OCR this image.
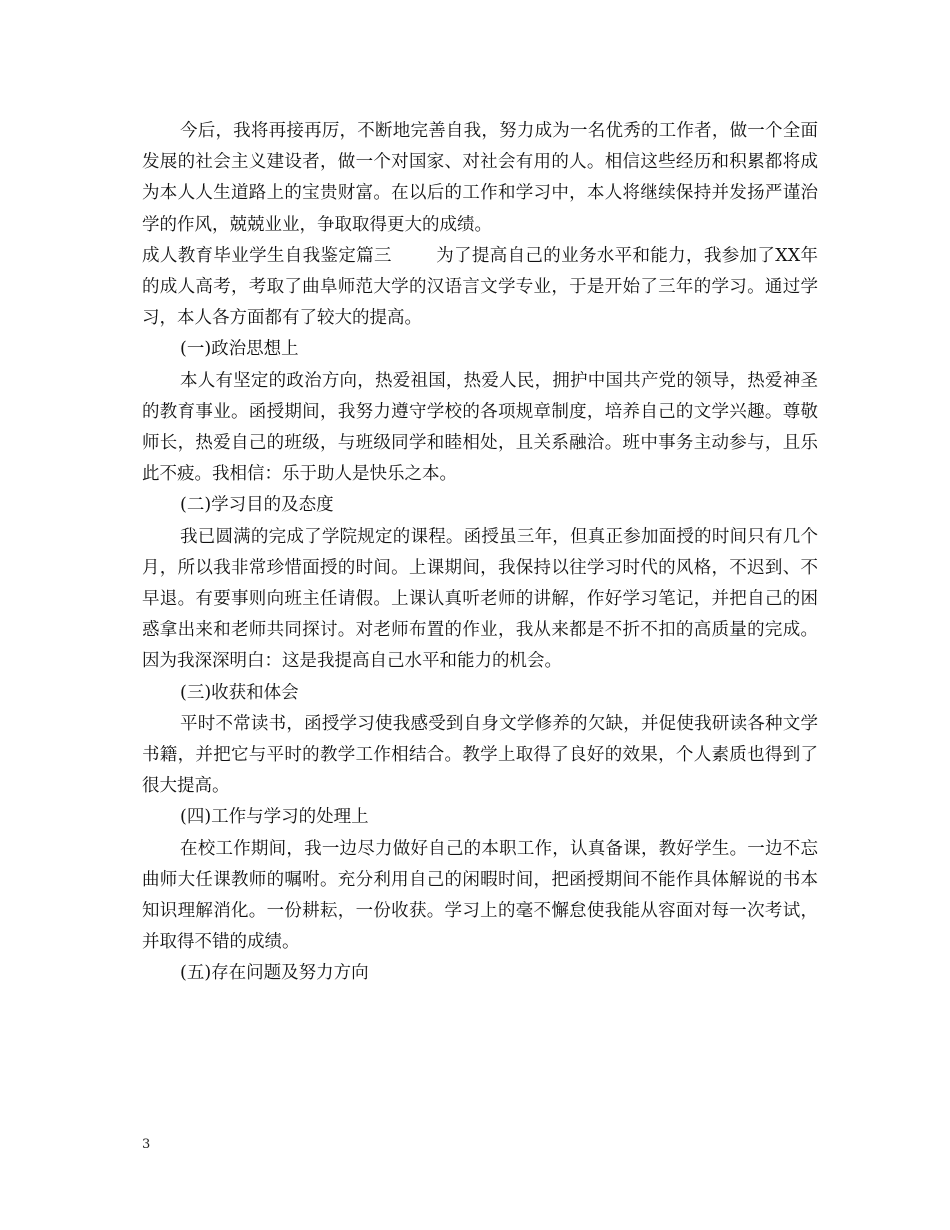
今后，我将再接再厉，不断地完善自我，努力成为一名优秀的工作者，做一个全面发展的社会主义建设者，做一个对国家、对社会有用的人。相信这些经历和积累都将成为本人人生道路上的宝贵财富。在以后的工作和学习中，本人将继续保持并发扬严谨治学的作风，兢兢业业，争取取得更大的成绩。

成人教育毕业学生自我鉴定篇三	为了提高自己的业务水平和能力，我参加了XX年的成人高考，考取了曲阜师范大学的汉语言文学专业，于是开始了三年的学习。通过学习，本人各方面都有了较大的提高。

(一)政治思想上

本人有坚定的政治方向，热爱祖国，热爱人民，拥护中国共产党的领导，热爱神圣的教育事业。函授期间，我努力遵守学校的各项规章制度，培养自己的文学兴趣。尊敬师长，热爱自己的班级，与班级同学和睦相处，且关系融洽。班中事务主动参与，且乐此不疲。我相信：乐于助人是快乐之本。

(二)学习目的及态度

我已圆满的完成了学院规定的课程。函授虽三年，但真正参加面授的时间只有几个月，所以我非常珍惜面授的时间。上课期间，我保持以往学习时代的风格，不迟到、不早退。有要事则向班主任请假。上课认真听老师的讲解，作好学习笔记，并把自己的困惑拿出来和老师共同探讨。对老师布置的作业，我从来都是不折不扣的高质量的完成。因为我深深明白：这是我提高自己水平和能力的机会。

(三)收获和体会

平时不常读书，函授学习使我感受到自身文学修养的欠缺，并促使我研读各种文学书籍，并把它与平时的教学工作相结合。教学上取得了良好的效果，个人素质也得到了很大提高。

(四)工作与学习的处理上

在校工作期间，我一边尽力做好自己的本职工作，认真备课，教好学生。一边不忘曲师大任课教师的嘱咐。充分利用自己的闲暇时间，把函授期间不能作具体解说的书本知识理解消化。一份耕耘，一份收获。学习上的毫不懈怠使我能从容面对每一次考试，并取得不错的成绩。

(五)存在问题及努力方向

3
